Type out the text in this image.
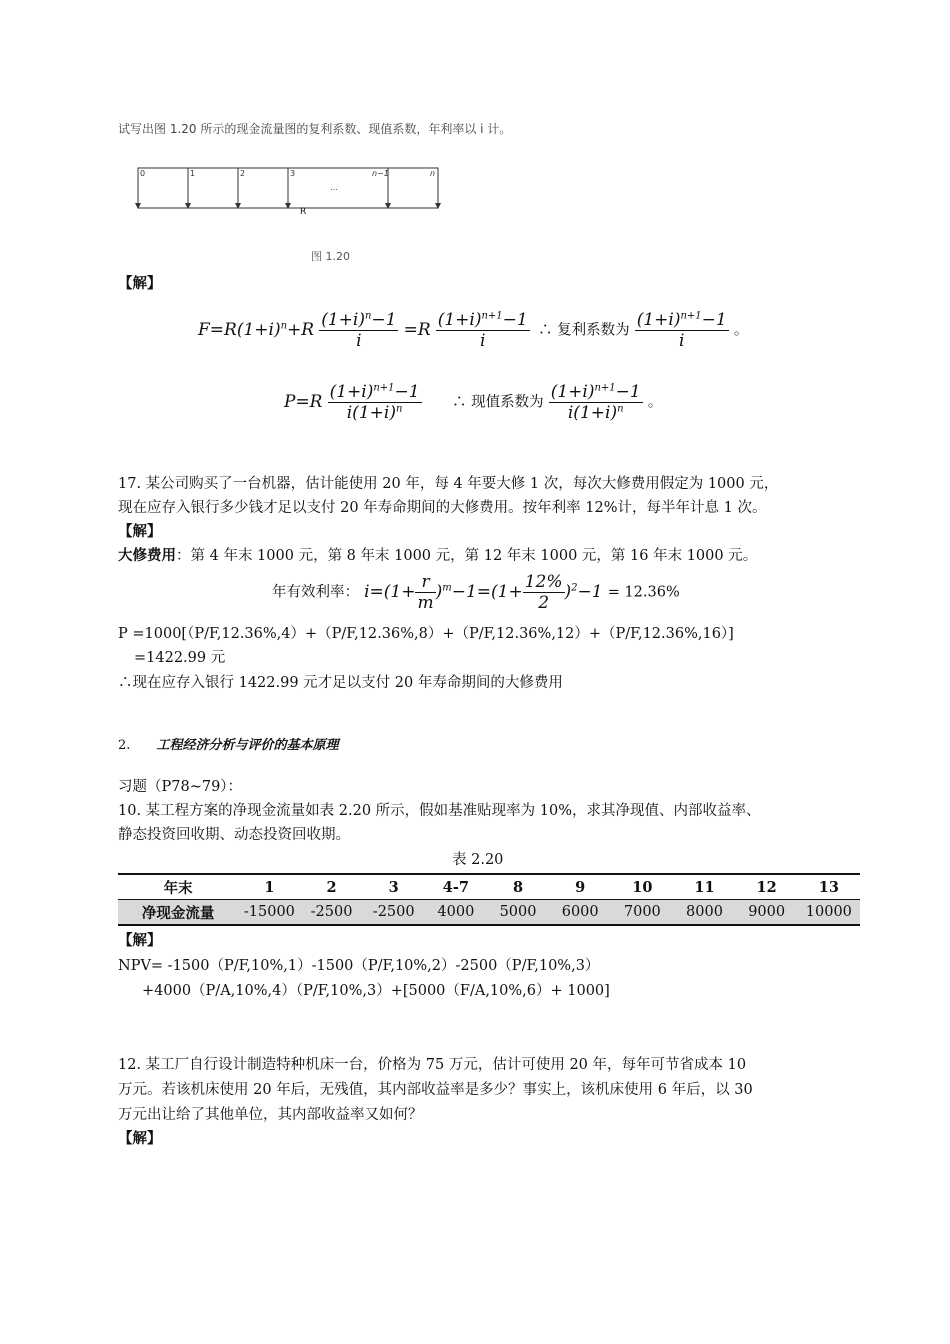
试写出图 1.20 所示的现金流量图的复利系数、现值系数，年利率以 i 计。
0	1	2	3
…
n−1	n
R
图 1.20
【解】
$F=R(1+i)^n+R \frac{(1+i)^n-1}{i} =R \frac{(1+i)^{n+1}-1}{i}$ ∴ 复利系数为 $\frac{(1+i)^{n+1}-1}{i}$ 。
$P=R \frac{(1+i)^{n+1}-1}{i(1+i)^n}$ ∴ 现值系数为 $\frac{(1+i)^{n+1}-1}{i(1+i)^n}$ 。
17. 某公司购买了一台机器，估计能使用 20 年，每 4 年要大修 1 次，每次大修费用假定为 1000 元，
现在应存入银行多少钱才足以支付 20 年寿命期间的大修费用。按年利率 12%计，每半年计息 1 次。
【解】
大修费用：第 4 年末 1000 元，第 8 年末 1000 元，第 12 年末 1000 元，第 16 年末 1000 元。
年有效利率： $i=(1+ \frac{r}{m} )^m-1=(1+ \frac{12\%}{2} )^2-1 = 12.36\%$
P =1000[（P/F,12.36%,4）+（P/F,12.36%,8）+（P/F,12.36%,12）+（P/F,12.36%,16）]
=1422.99 元
∴现在应存入银行 1422.99 元才足以支付 20 年寿命期间的大修费用
2. 工程经济分析与评价的基本原理
习题（P78~79）：
10. 某工程方案的净现金流量如表 2.20 所示，假如基准贴现率为 10%，求其净现值、内部收益率、
静态投资回收期、动态投资回收期。
表 2.20
年末	1	2	3	4-7	8	9	10	11	12	13
净现金流量	-15000	-2500	-2500	4000	5000	6000	7000	8000	9000	10000
【解】
NPV= -1500（P/F,10%,1）-1500（P/F,10%,2）-2500（P/F,10%,3）
+4000（P/A,10%,4）（P/F,10%,3）+[5000（F/A,10%,6）+ 1000]
12. 某工厂自行设计制造特种机床一台，价格为 75 万元，估计可使用 20 年，每年可节省成本 10
万元。若该机床使用 20 年后，无残值，其内部收益率是多少？事实上，该机床使用 6 年后，以 30
万元出让给了其他单位，其内部收益率又如何？
【解】
